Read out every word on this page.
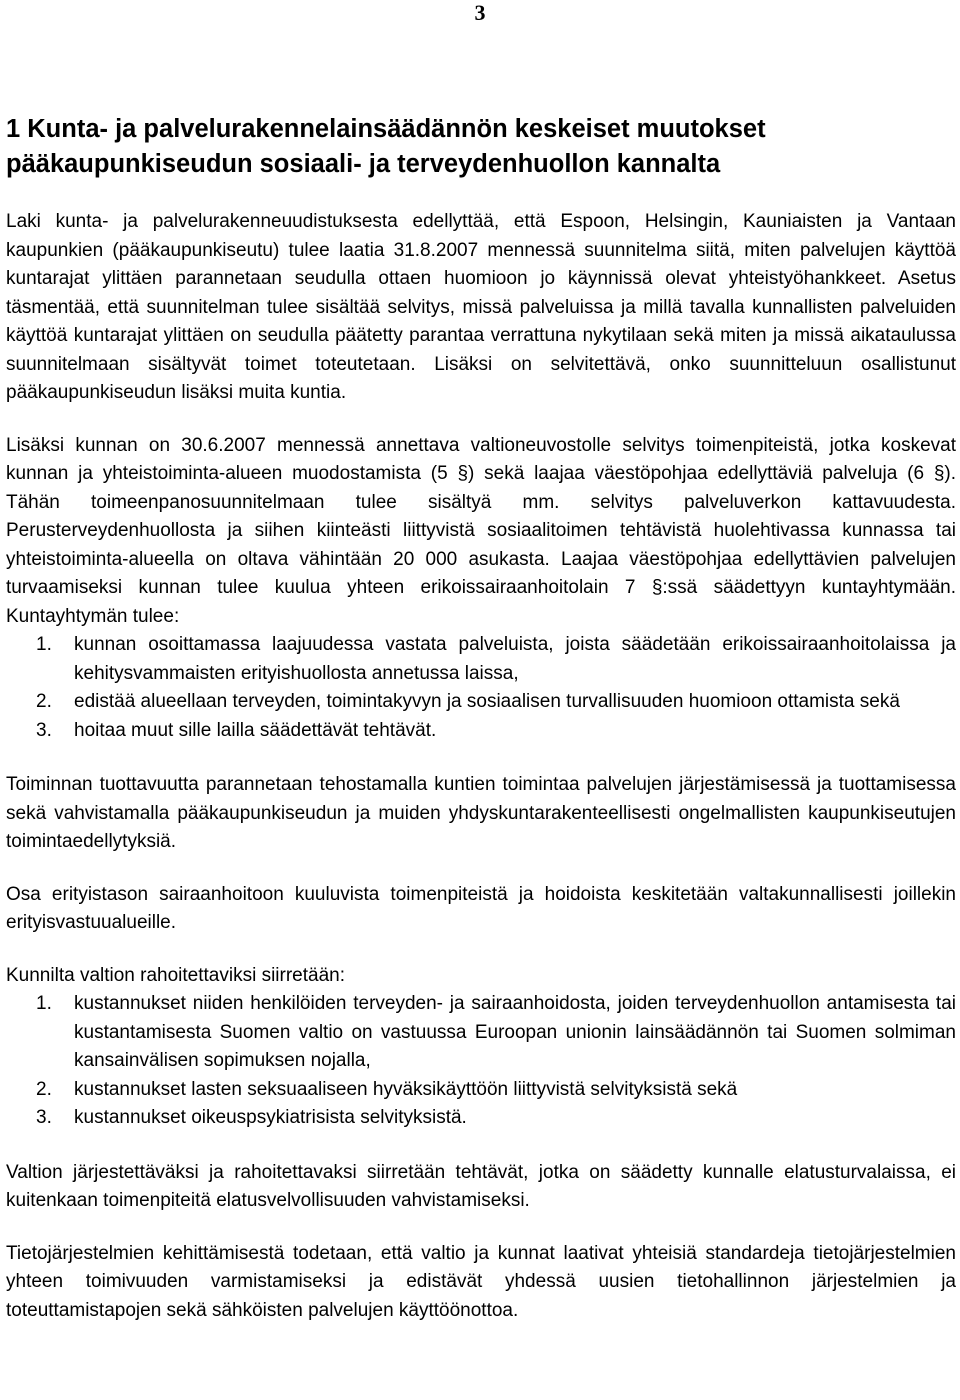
3
1 Kunta- ja palvelurakennelainsäädännön keskeiset muutokset pääkaupunkiseudun sosiaali- ja terveydenhuollon kannalta

Laki kunta- ja palvelurakenneuudistuksesta edellyttää, että Espoon, Helsingin, Kauniaisten ja Vantaan kaupunkien (pääkaupunkiseutu) tulee laatia 31.8.2007 mennessä suunnitelma siitä, miten palvelujen käyttöä kuntarajat ylittäen parannetaan seudulla ottaen huomioon jo käynnissä olevat yhteistyöhankkeet. Asetus täsmentää, että suunnitelman tulee sisältää selvitys, missä palveluissa ja millä tavalla kunnallisten palveluiden käyttöä kuntarajat ylittäen on seudulla päätetty parantaa verrattuna nykytilaan sekä miten ja missä aikataulussa suunnitelmaan sisältyvät toimet toteutetaan. Lisäksi on selvitettävä, onko suunnitteluun osallistunut pääkaupunkiseudun lisäksi muita kuntia.

Lisäksi kunnan on 30.6.2007 mennessä annettava valtioneuvostolle selvitys toimenpiteistä, jotka koskevat kunnan ja yhteistoiminta-alueen muodostamista (5 §) sekä laajaa väestöpohjaa edellyttäviä palveluja (6 §). Tähän toimeenpanosuunnitelmaan tulee sisältyä mm. selvitys palveluverkon kattavuudesta. Perusterveydenhuollosta ja siihen kiinteästi liittyvistä sosiaalitoimen tehtävistä huolehtivassa kunnassa tai yhteistoiminta-alueella on oltava vähintään 20 000 asukasta. Laajaa väestöpohjaa edellyttävien palvelujen turvaamiseksi kunnan tulee kuulua yhteen erikoissairaanhoitolain 7 §:ssä säädettyyn kuntayhtymään. Kuntayhtymän tulee:

1. kunnan osoittamassa laajuudessa vastata palveluista, joista säädetään erikoissairaanhoitolaissa ja kehitysvammaisten erityishuollosta annetussa laissa,
2. edistää alueellaan terveyden, toimintakyvyn ja sosiaalisen turvallisuuden huomioon ottamista sekä
3. hoitaa muut sille lailla säädettävät tehtävät.

Toiminnan tuottavuutta parannetaan tehostamalla kuntien toimintaa palvelujen järjestämisessä ja tuottamisessa sekä vahvistamalla pääkaupunkiseudun ja muiden yhdyskuntarakenteellisesti ongelmallisten kaupunkiseutujen toimintaedellytyksiä.

Osa erityistason sairaanhoitoon kuuluvista toimenpiteistä ja hoidoista keskitetään valtakunnallisesti joillekin erityisvastuualueille.

Kunnilta valtion rahoitettaviksi siirretään:

1. kustannukset niiden henkilöiden terveyden- ja sairaanhoidosta, joiden terveydenhuollon antamisesta tai kustantamisesta Suomen valtio on vastuussa Euroopan unionin lainsäädännön tai Suomen solmiman kansainvälisen sopimuksen nojalla,
2. kustannukset lasten seksuaaliseen hyväksikäyttöön liittyvistä selvityksistä sekä
3. kustannukset oikeuspsykiatrisista selvityksistä.

Valtion järjestettäväksi ja rahoitettavaksi siirretään tehtävät, jotka on säädetty kunnalle elatusturvalaissa, ei kuitenkaan toimenpiteitä elatusvelvollisuuden vahvistamiseksi.

Tietojärjestelmien kehittämisestä todetaan, että valtio ja kunnat laativat yhteisiä standardeja tietojärjestelmien yhteen toimivuuden varmistamiseksi ja edistävät yhdessä uusien tietohallinnon järjestelmien ja toteuttamistapojen sekä sähköisten palvelujen käyttöönottoa.
